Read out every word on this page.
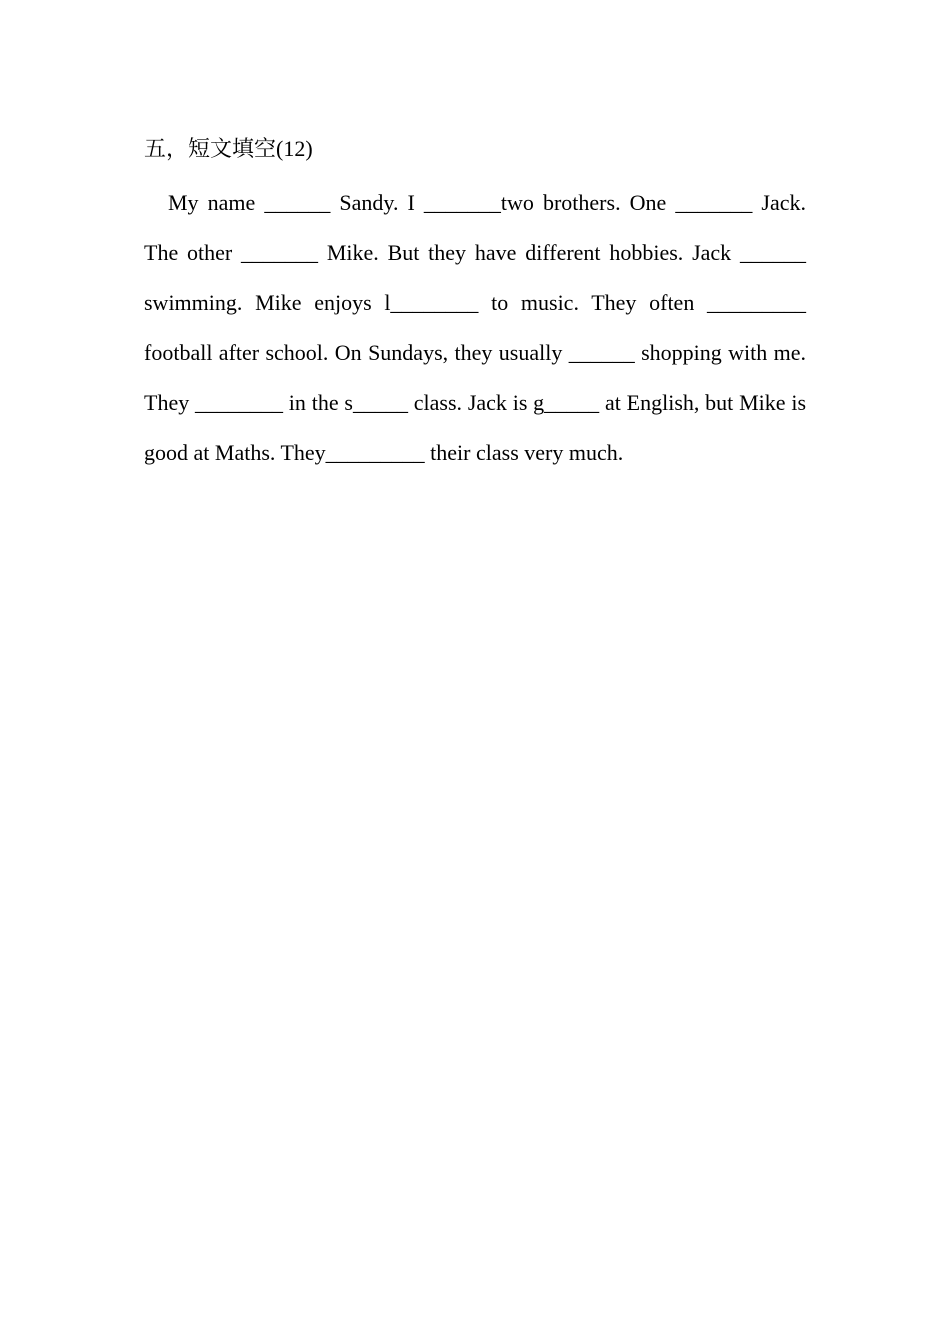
五，短文填空(12)

My name ______ Sandy. I _______two brothers. One _______ Jack. The other _______ Mike. But they have different hobbies. Jack ______ swimming. Mike enjoys l________ to music. They often _________ football after school. On Sundays, they usually ______ shopping with me. They ________ in the s_____ class. Jack is g_____ at English, but Mike is good at Maths. They_________ their class very much.
